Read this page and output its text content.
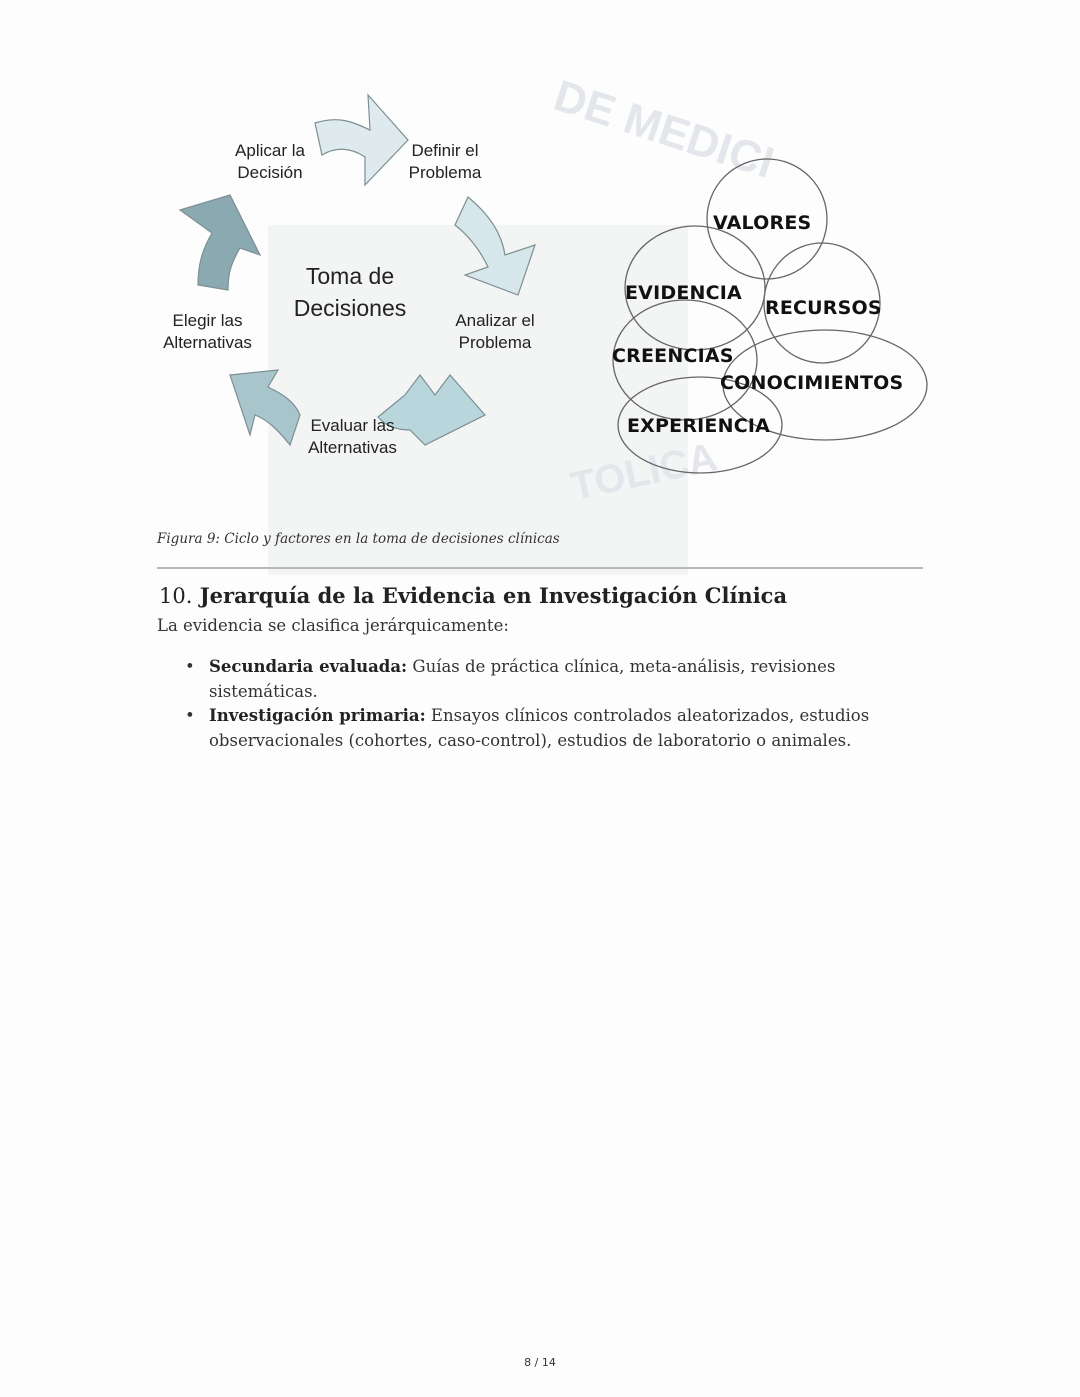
DE MEDICI
TOLICA
Aplicar la Decisión
Definir el Problema
Analizar el Problema
Evaluar las Alternativas
Elegir las Alternativas
Toma de Decisiones
VALORES
EVIDENCIA
RECURSOS
CREENCIAS
CONOCIMIENTOS
EXPERIENCIA
Figura 9: Ciclo y factores en la toma de decisiones clínicas
10. Jerarquía de la Evidencia en Investigación Clínica
La evidencia se clasifica jerárquicamente:
• Secundaria evaluada: Guías de práctica clínica, meta-análisis, revisiones sistemáticas.
• Investigación primaria: Ensayos clínicos controlados aleatorizados, estudios observacionales (cohortes, caso-control), estudios de laboratorio o animales.
8 / 14
